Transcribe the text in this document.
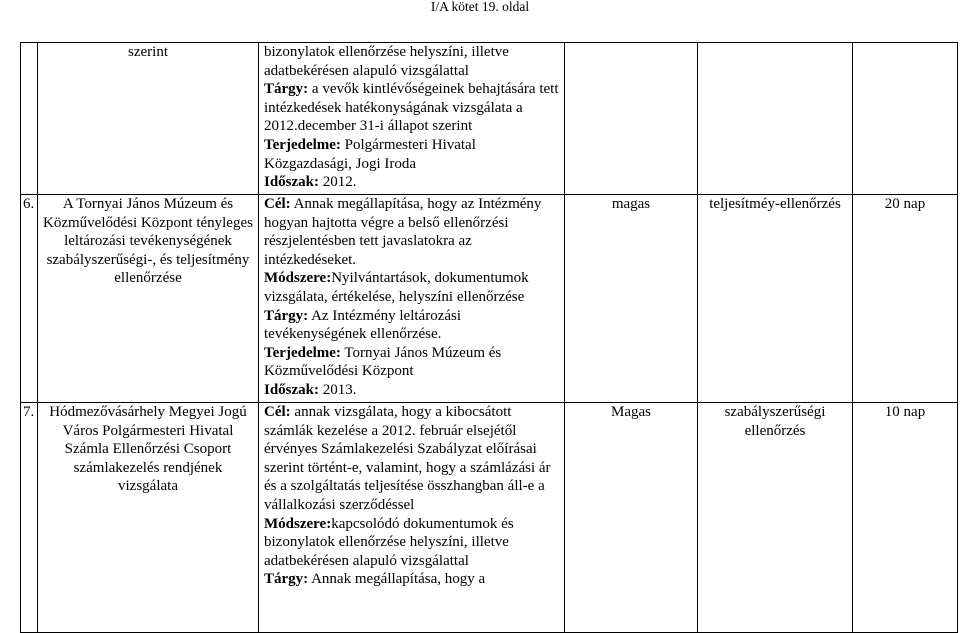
I/A kötet 19. oldal
	szerint	bizonylatok ellenőrzése helyszíni, illetve adatbekérésen alapuló vizsgálattal
Tárgy: a vevők kintlévőségeinek behajtására tett intézkedések hatékonyságának vizsgálata a 2012.december 31-i állapot szerint
Terjedelme: Polgármesteri Hivatal Közgazdasági, Jogi Iroda
Időszak: 2012.			

6.	A Tornyai János Múzeum és Közművelődési Központ tényleges leltározási tevékenységének szabályszerűségi-, és teljesítmény ellenőrzése	Cél: Annak megállapítása, hogy az Intézmény hogyan hajtotta végre a belső ellenőrzési részjelentésben tett javaslatokra az intézkedéseket.
Módszere:Nyilvántartások, dokumentumok vizsgálata, értékelése, helyszíni ellenőrzése
Tárgy: Az Intézmény leltározási tevékenységének ellenőrzése.
Terjedelme: Tornyai János Múzeum és Közművelődési Központ
Időszak: 2013.	magas	teljesítméy-ellenőrzés	20 nap
7.	Hódmezővásárhely Megyei Jogú Város Polgármesteri Hivatal Számla Ellenőrzési Csoport számlakezelés rendjének vizsgálata	Cél: annak vizsgálata, hogy a kibocsátott számlák kezelése a 2012. február elsejétől érvényes Számlakezelési Szabályzat előírásai szerint történt-e, valamint, hogy a számlázási ár és a szolgáltatás teljesítése összhangban áll-e a vállalkozási szerződéssel
Módszere:kapcsolódó dokumentumok és bizonylatok ellenőrzése helyszíni, illetve adatbekérésen alapuló vizsgálattal
Tárgy: Annak megállapítása, hogy a	Magas	szabályszerűségi ellenőrzés	10 nap
